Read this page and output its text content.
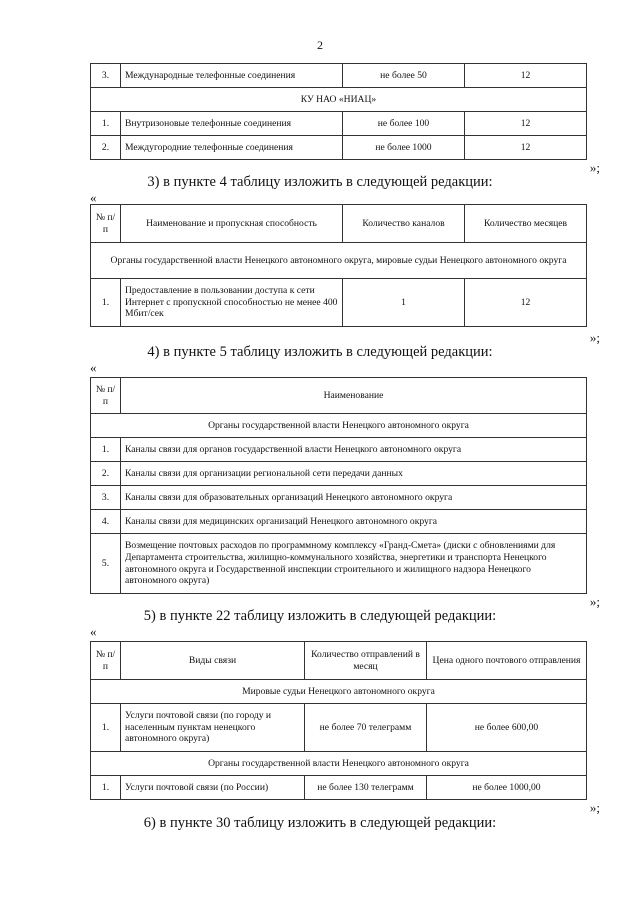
2
3.	Международные телефонные соединения	не более 50	12
КУ НАО «НИАЦ»			
1.	Внутризоновые телефонные соединения	не более 100	12
2.	Междугородние телефонные соединения	не более 1000	12
»;
3) в пункте 4 таблицу изложить в следующей редакции:
«
№ п/п	Наименование и пропускная способность	Количество каналов	Количество месяцев
Органы государственной власти Ненецкого автономного округа, мировые судьи Ненецкого автономного округа			
1.	Предоставление в пользовании доступа к сети Интернет с пропускной способностью не менее 400 Мбит/сек	1	12
»;
4) в пункте 5 таблицу изложить в следующей редакции:
«
№ п/п	Наименование
Органы государственной власти Ненецкого автономного округа	
1.	Каналы связи для органов государственной власти Ненецкого автономного округа
2.	Каналы связи для организации региональной сети передачи данных
3.	Каналы связи для образовательных организаций Ненецкого автономного округа
4.	Каналы связи для медицинских организаций Ненецкого автономного округа
5.	Возмещение почтовых расходов по программному комплексу «Гранд-Смета» (диски с обновлениями для Департамента строительства, жилищно-коммунального хозяйства, энергетики и транспорта Ненецкого автономного округа и Государственной инспекции строительного и жилищного надзора Ненецкого автономного округа)
»;
5) в пункте 22 таблицу изложить в следующей редакции:
«
№ п/п	Виды связи	Количество отправлений в месяц	Цена одного почтового отправления
Мировые судьи Ненецкого автономного округа			
1.	Услуги почтовой связи (по городу и населенным пунктам ненецкого автономного округа)	не более 70 телеграмм	не более 600,00
Органы государственной власти Ненецкого автономного округа			
1.	Услуги почтовой связи (по России)	не более 130 телеграмм	не более 1000,00
»;
6) в пункте 30 таблицу изложить в следующей редакции:
